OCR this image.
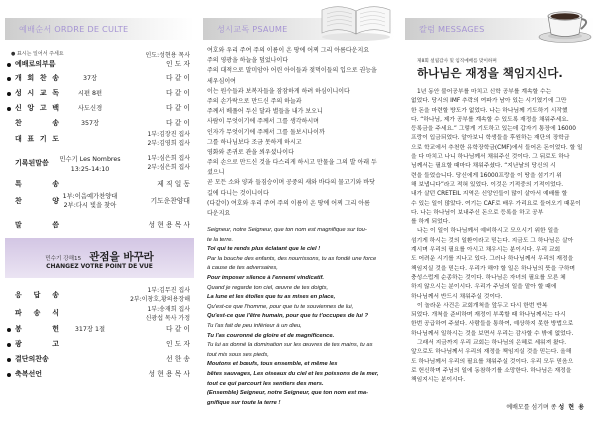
예배순서 ORDRE DE CULTE
● 표시는 일어서 주세요	인도:성현용 목사
예배로의부름	인 도 자
개 회 찬 송	37장	다 같 이
성 시 교 독	시편 8편	다 같 이
신 앙 고 백	사도신경	다 같 이
찬 송	357장	다 같 이
대 표 기 도
1부:김장진 집사
2부:김영희 집사
기록된말씀	민수기 Les Nombres
13:25-14:10
1부:심은희 집사
2부:심은희 집사
특 송	제 직 일 동
찬 양	기도운찬양대
1부:이음예가찬양대
2부:다시 빛을 찾아
말 씀	성 현 용 목 사
민수기 강해15 관점을 바꾸라
CHANGEZ VOTRE POINT DE VUE
응 답 송
1부:김무진 집사
2부:이창호,황의용장해
파 송 식	1부:송재희 집사
신광섭 목사 가정
봉 헌	317장 1절	다 같 이
광 고	인 도 자
결단의찬송	선 한 송
축복선언	성 현 용 목 사
성시교독 PSAUME
여호와 우리 주여 주의 이름이 온 땅에 어찌 그리 아름다운지요
주의 영광을 하늘을 덮었나이다
주의 대적으로 말미암아 어린 아이들과 젖먹이들의 입으로 권능을
세우심이여
이는 원수들과 보복자들을 잠잠하게 하려 하심이니이다
주의 손가락으로 만드신 주의 하늘과
주께서 베풀어 두신 달과 별들을 내가 보오니
사람이 무엇이기에 주께서 그를 생각하시며
인자가 무엇이기에 주께서 그를 돌보시나이까
그를 하나님보다 조금 못하게 하시고
영화와 존귀로 관을 씌우셨나이다
주의 손으로 만드신 것을 다스리게 하시고 만물을 그의 발 아래 두
셨으니
곧 모든 소와 양과 들짐승이며 공중의 새와 바다의 물고기와 바닷
길에 다니는 것이니이다
(다같이) 여호와 우리 주여 주의 이름이 온 땅에 어찌 그리 아름
다운지요
Seigneur, notre Seigneur, que ton nom est magnifique sur tou-
te la terre.
Toi qui te rends plus éclatant que le ciel !
Par la bouche des enfants, des nourrissons, tu as fondé une force
à cause de tes adversaires,
Pour imposer silence à l'ennemi vindicatif.
Quand je regarde ton ciel, œuvre de tes doigts,
La lune et les étoiles que tu as mises en place,
Qu'est-ce que l'homme, pour que tu te souviennes de lui,
Qu'est-ce que l'être humain, pour que tu t'occupes de lui ?
Tu l'as fait de peu inférieur à un dieu,
Tu l'as couronné de gloire et de magnificence.
Tu lui as donné la domination sur les œuvres de tes mains, tu as
tout mis sous ses pieds,
Moutons et bœufs, tous ensemble, et même les
bêtes sauvages, Les oiseaux du ciel et les poissons de la mer,
tout ce qui parcourt les sentiers des mers.
(Ensemble) Seigneur, notre Seigneur, que ton nom est ma-
gnifique sur toute la terre !
칼럼 MESSAGES
제8회 설립감사 및 임직예배를 맞이하며
하나님은 재정을 책임지신다.
1년 동안 불어공부를 마치고 신학 공부를 계속할 수는
없었다. 당시의 IMF 추락의 여파가 남아 있는 시기였기에 그만
한 돈을 마련할 방도가 없었다. 나는 하나님께 기도하기 시작했
다. “하나님, 제가 공부를 계속할 수 있도록 재정을 채워주세요.
등록금을 주세요.” 그렇게 기도하고 있는데 갑자기 통장에 16000
프랑이 입금되었다. 알아보니 학생들을 후원하는 재단의 장학금
으로 학교에서 추천한 유학장학금(CMF)에서 들어온 돈이었다. 할 일
을 다 마치고 나니 하나님께서 채워주신 것이다. 그 뒤로도 하나
님께서는 필요할 때마다 채워주셨다. “지난날의 당신의 시
련을 들었습니다. 당신에게 16000프랑을 이 땅을 섬기기 위
해 보냅니다”라고 적혀 있었다. 이것은 기적중의 기적이었다.
내가 살던 CRETEIL 지역은 신앙인들이 많이 살아서 예배를 할
수 있는 일이 많았다. 여기는 CAF로 배우 가리요로 들어오기 때문이
다. 나는 하나님이 보내주신 돈으로 등록을 하고 공부
를 하게 되었다.
나는 이 일이 하나님께서 예비하시고 모으시기 위한 일을
섬기게 하시는 것의 일환이라고 믿는다. 지금도 그 하나님은 살아
계시며 우리의 필요를 아시고 채우시는 분이시다. 우리 교회
도 어려운 시기를 지나고 있다. 그러나 하나님께서 우리의 재정을
책임지실 것을 믿는다. 우리가 해야 할 일은 하나님의 뜻을 구하며
충성스럽게 순종하는 것이다. 하나님은 자녀의 필요를 모른 체
하지 않으시는 분이시다. 우리가 주님의 일을 맡아 할 때에
하나님께서 반드시 채워주실 것이다.
이 놀라운 사건은 교회개척을 앞두고 다시 한번 반복
되었다. 개척을 준비하며 재정이 부족할 때 하나님께서는 다시
한번 공급하여 주셨다. 사람들을 통하여, 예상하지 못한 방법으로
하나님께서 일하시는 것을 보면서 우리는 감사할 수 밖에 없었다.
그래서 지금까지 우리 교회는 하나님의 은혜로 세워져 왔다.
앞으로도 하나님께서 우리의 재정을 책임지실 것을 믿는다. 올해
도 하나님께서 우리의 필요를 채워주실 것이다. 우리 모두 믿음으
로 헌신하며 주님의 일에 동참하기를 소망한다. 하나님은 재정을
책임지시는 분이시다.
예배모를 섬기며 종 성 현 용
